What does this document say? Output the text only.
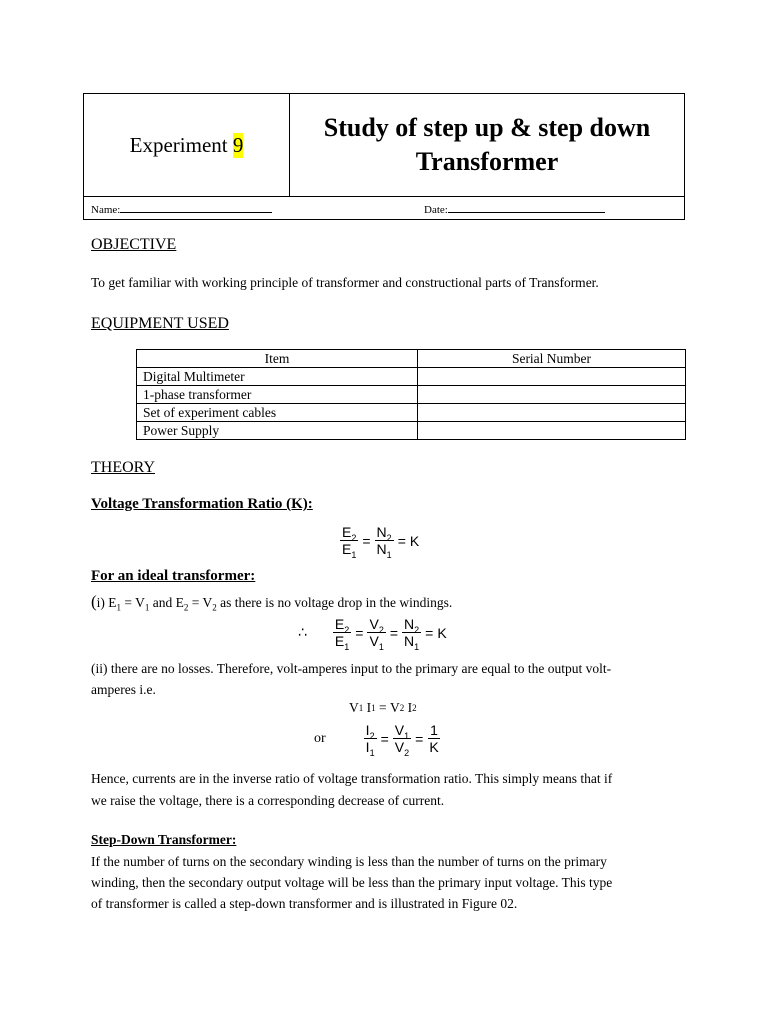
Experiment
9
Study of step up & step down
Transformer
Name:	Date:
OBJECTIVE

To get familiar with working principle of transformer and constructional parts of Transformer.

EQUIPMENT USED
Item	Serial Number
Digital Multimeter	
1-phase transformer	
Set of experiment cables	
Power Supply	
THEORY

Voltage Transformation Ratio (K):

$\frac{E_2}{E_1} = \frac{N_2}{N_1} = K$

For an ideal transformer:

(i) $E_1 = V_1$ and $E_2 = V_2$ as there is no voltage drop in the windings.

∴ $\frac{E_2}{E_1} = \frac{V_2}{V_1} = \frac{N_2}{N_1} = K$

(ii) there are no losses. Therefore, volt-amperes input to the primary are equal to the output volt-

amperes i.e.

V 1
I 1
=
V 2
I 2
or	$\frac{I_2}{I_1} = \frac{V_1}{V_2} = \frac{1}{K}$

Hence, currents are in the inverse ratio of voltage transformation ratio. This simply means that if

we raise the voltage, there is a corresponding decrease of current.

Step-Down Transformer:

If the number of turns on the secondary winding is less than the number of turns on the primary

winding, then the secondary output voltage will be less than the primary input voltage. This type

of transformer is called a step-down transformer and is illustrated in Figure 02.
